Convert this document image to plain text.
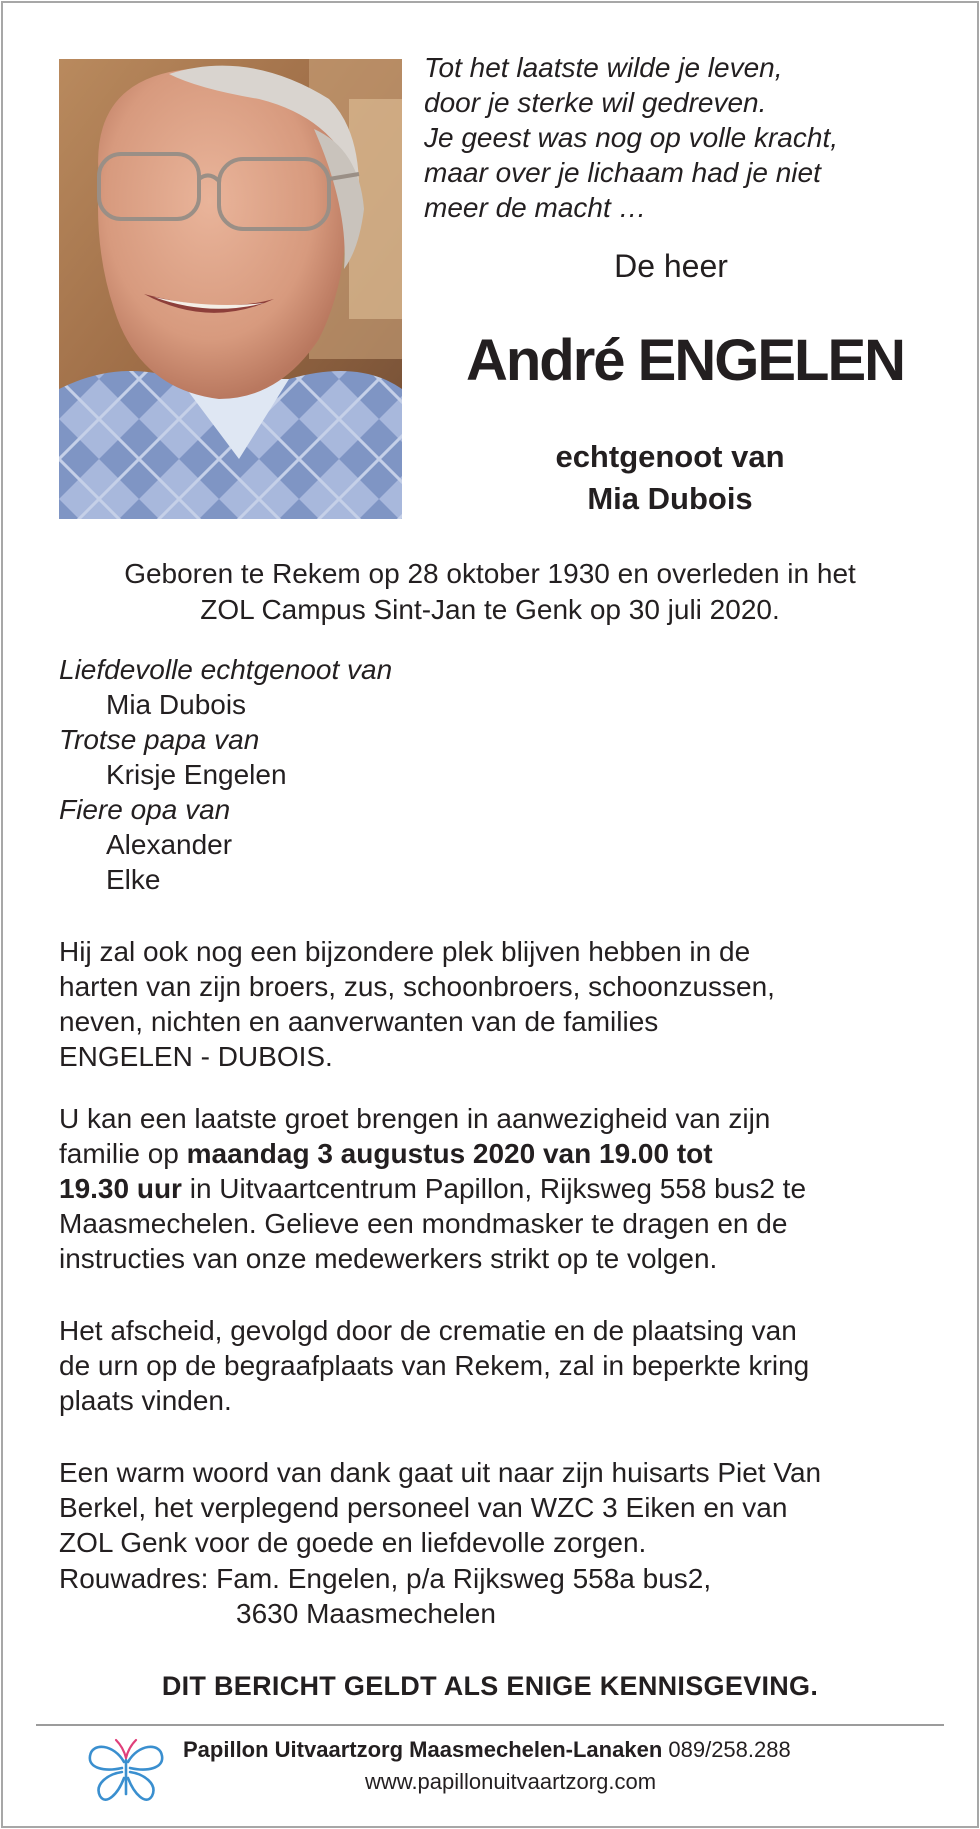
Tot het laatste wilde je leven,
door je sterke wil gedreven.
Je geest was nog op volle kracht,
maar over je lichaam had je niet
meer de macht …
De heer
André ENGELEN
echtgenoot van
Mia Dubois
Geboren te Rekem op 28 oktober 1930 en overleden in het
ZOL Campus Sint-Jan te Genk op 30 juli 2020.
Liefdevolle echtgenoot van
Mia Dubois
Trotse papa van
Krisje Engelen
Fiere opa van
Alexander
Elke
Hij zal ook nog een bijzondere plek blijven hebben in de
harten van zijn broers, zus, schoonbroers, schoonzussen,
neven, nichten en aanverwanten van de families
ENGELEN - DUBOIS.
U kan een laatste groet brengen in aanwezigheid van zijn
familie op maandag 3 augustus 2020 van 19.00 tot
19.30 uur in Uitvaartcentrum Papillon, Rijksweg 558 bus2 te
Maasmechelen. Gelieve een mondmasker te dragen en de
instructies van onze medewerkers strikt op te volgen.
Het afscheid, gevolgd door de crematie en de plaatsing van
de urn op de begraafplaats van Rekem, zal in beperkte kring
plaats vinden.
Een warm woord van dank gaat uit naar zijn huisarts Piet Van
Berkel, het verplegend personeel van WZC 3 Eiken en van
ZOL Genk voor de goede en liefdevolle zorgen.
Rouwadres: Fam. Engelen, p/a Rijksweg 558a bus2,
3630 Maasmechelen
DIT BERICHT GELDT ALS ENIGE KENNISGEVING.
Papillon Uitvaartzorg Maasmechelen-Lanaken 089/258.288
www.papillonuitvaartzorg.com
